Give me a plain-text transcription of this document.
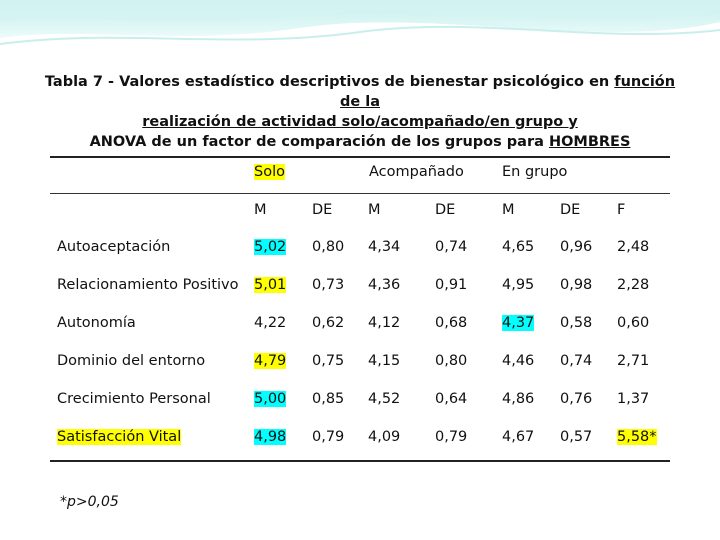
Tabla 7 - Valores estadístico descriptivos de bienestar psicológico en función de la
realización de actividad solo/acompañado/en grupo y
ANOVA de un factor de comparación de los grupos para HOMBRES
Solo	Acompañado	En grupo
M	DE M	DE	M	DE	F
Autoaceptación	5,02 0,80 4,34 0,74 4,65 0,96 2,48
Relacionamiento Positivo 5,01 0,73 4,36 0,91 4,95 0,98 2,28
Autonomía	4,22 0,62 4,12 0,68 4,37 0,58 0,60
Dominio del entorno	4,79 0,75 4,15 0,80 4,46 0,74 2,71
Crecimiento Personal	5,00 0,85 4,52 0,64 4,86 0,76 1,37
Satisfacción Vital	4,98 0,79 4,09 0,79 4,67 0,57 5,58*
*p>0,05
